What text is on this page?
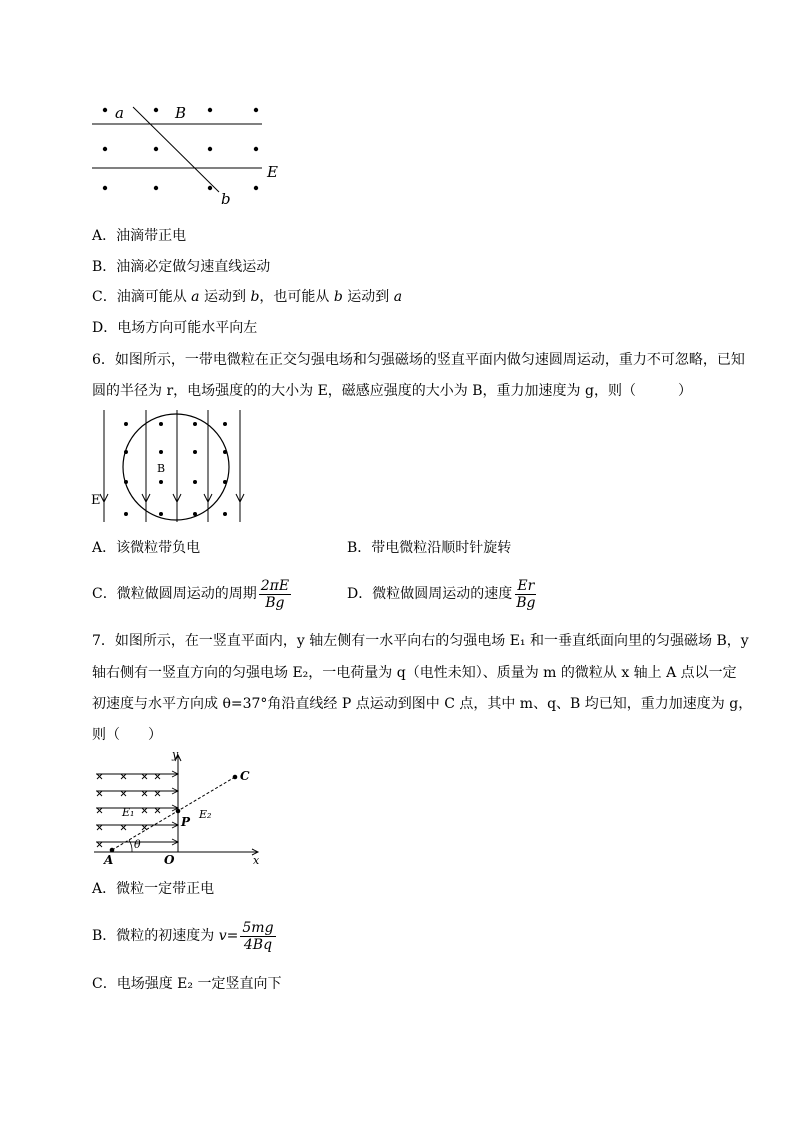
a	B
E
b
A．油滴带正电
B．油滴必定做匀速直线运动
C．油滴可能从 a 运动到 b，也可能从 b 运动到 a
D．电场方向可能水平向左
6．如图所示，一带电微粒在正交匀强电场和匀强磁场的竖直平面内做匀速圆周运动，重力不可忽略，已知
圆的半径为 r，电场强度的的大小为 E，磁感应强度的大小为 B，重力加速度为 g，则（　　　）
B
E
A．该微粒带负电	B．带电微粒沿顺时针旋转
C．微粒做圆周运动的周期 $\frac{2\pi E}{Bg}$	D．微粒做圆周运动的速度 $\frac{Er}{Bg}$
7．如图所示，在一竖直平面内，y 轴左侧有一水平向右的匀强电场 E₁ 和一垂直纸面向里的匀强磁场 B，y
轴右侧有一竖直方向的匀强电场 E₂，一电荷量为 q（电性未知）、质量为 m 的微粒从 x 轴上 A 点以一定
初速度与水平方向成 θ=37°角沿直线经 P 点运动到图中 C 点，其中 m、q、B 均已知，重力加速度为 g，
则（　　）
y
x
C
P
E₁	E₂
A	O
θ
A．微粒一定带正电
B．微粒的初速度为 $v= \frac{5mg}{4Bq}$
C．电场强度 E₂ 一定竖直向下
